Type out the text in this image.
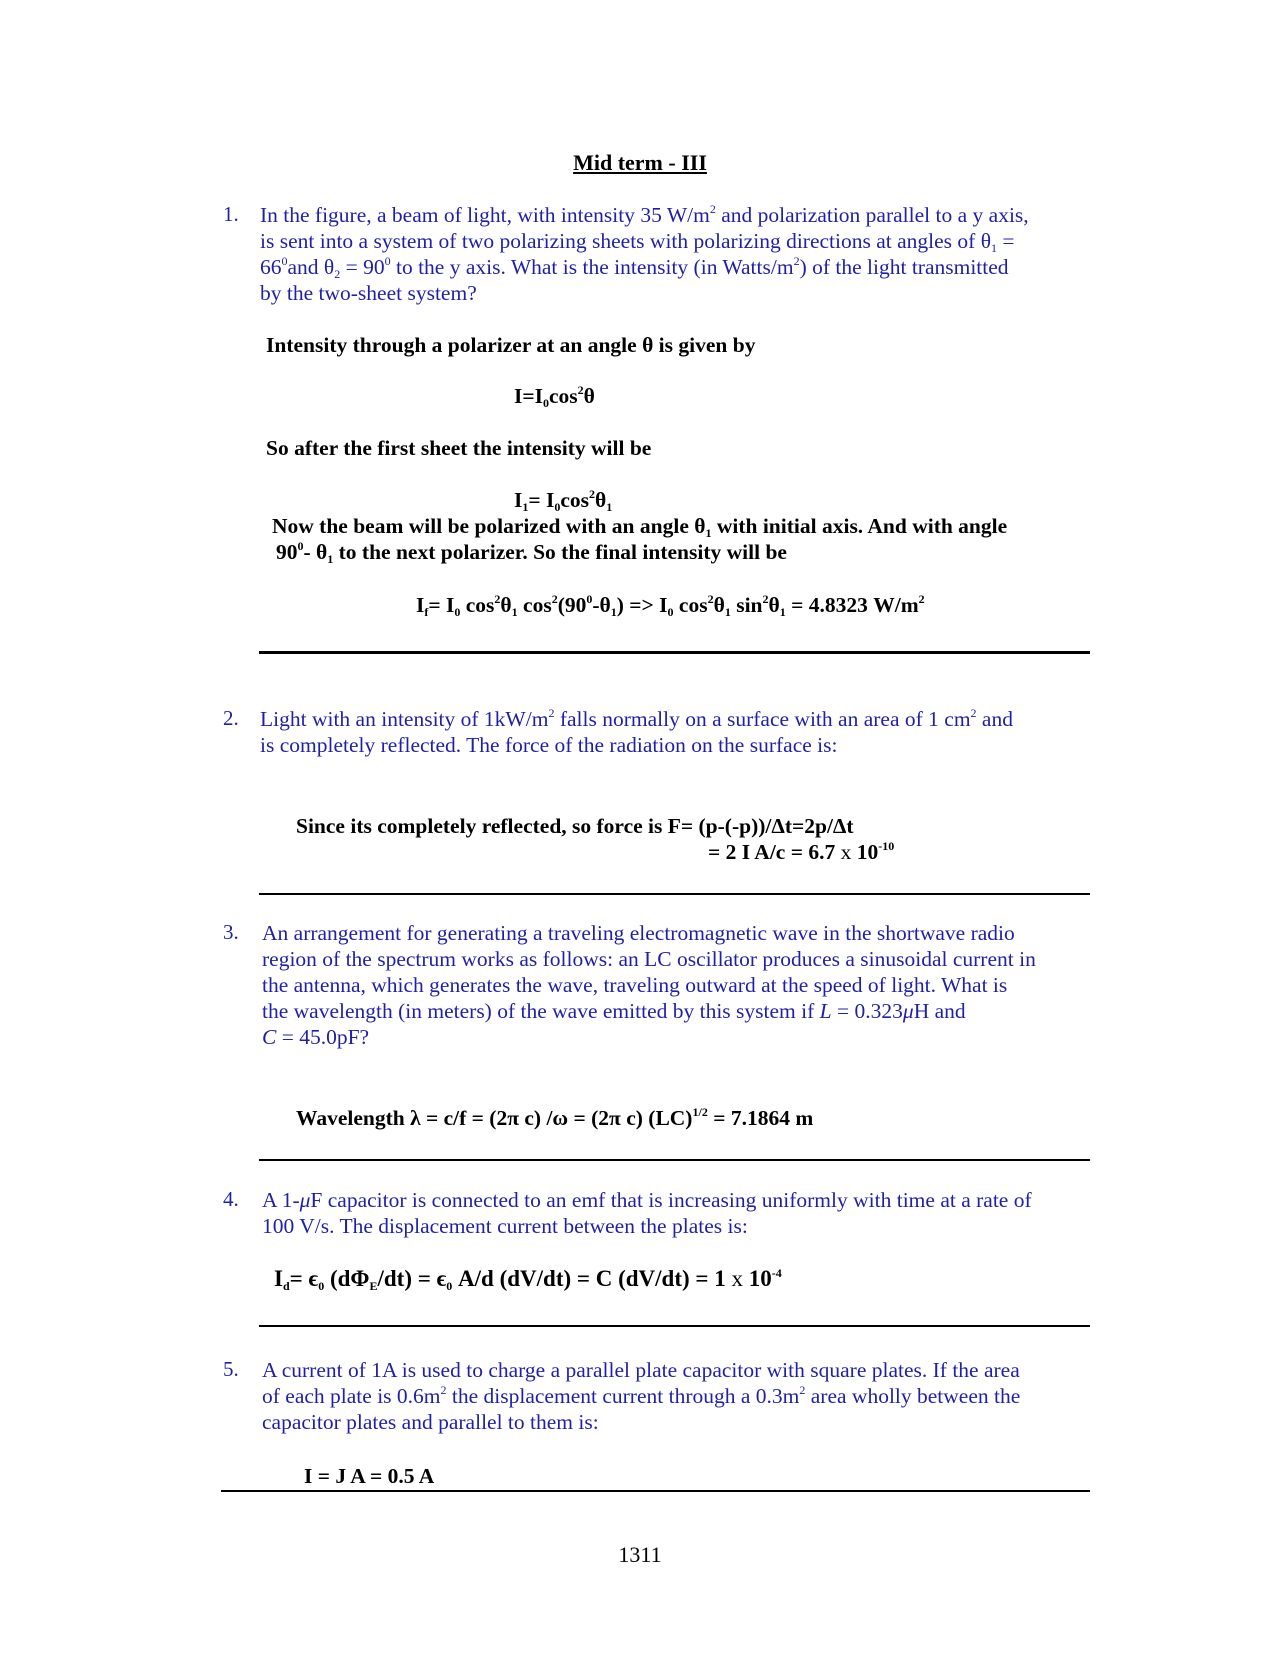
Mid term - III
1. In the figure, a beam of light, with intensity 35 $W/m^2$ and polarization parallel to a y axis,
is sent into a system of two polarizing sheets with polarizing directions at angles of $\theta_1$ =
$66^0and$ $\theta_2 = 90^0$ to the y axis. What is the intensity (in Watts/$m^2$) of the light transmitted
by the two-sheet system?
Intensity through a polarizer at an angle θ is given by
$I=I_0\cos^2\theta$
So after the first sheet the intensity will be
$I_1= I_0\cos^2\theta_1$
Now the beam will be polarized with an angle $\theta_1$ with initial axis. And with angle
$90^0-$ $\theta_1$ to the next polarizer. So the final intensity will be
$I_f= I_0$ $\cos^2\theta_1$ $\cos^2(90^0-\theta_1) => I_0$ $\cos^2\theta_1$ $\sin^2\theta_1 = 4.8323$ $W/m^2$
2. Light with an intensity of $1kW/m^2$ falls normally on a surface with an area of 1 $cm^2$ and
is completely reflected. The force of the radiation on the surface is:
Since its completely reflected, so force is F= (p-(-p))/Δt=2p/Δt
= 2 I A/c = 6.7 x $10^{-10}$
3. An arrangement for generating a traveling electromagnetic wave in the shortwave radio
region of the spectrum works as follows: an LC oscillator produces a sinusoidal current in
the antenna, which generates the wave, traveling outward at the speed of light. What is
the wavelength (in meters) of the wave emitted by this system if L = 0.323μH and
C = 45.0pF?
Wavelength λ = c/f = (2π c) /ω = (2π c) (LC)$^{1/2}$ = 7.1864 m
4. A 1-μF capacitor is connected to an emf that is increasing uniformly with time at a rate of
100 V/s. The displacement current between the plates is:
$I_d= \epsilon_0$ $(d\Phi_E/dt) = \epsilon_0$ A/d (dV/dt) = C (dV/dt) = 1 x $10^{-4}$
5. A current of 1A is used to charge a parallel plate capacitor with square plates. If the area
of each plate is $0.6m^2$ the displacement current through a $0.3m^2$ area wholly between the
capacitor plates and parallel to them is:
I = J A = 0.5 A
1311
